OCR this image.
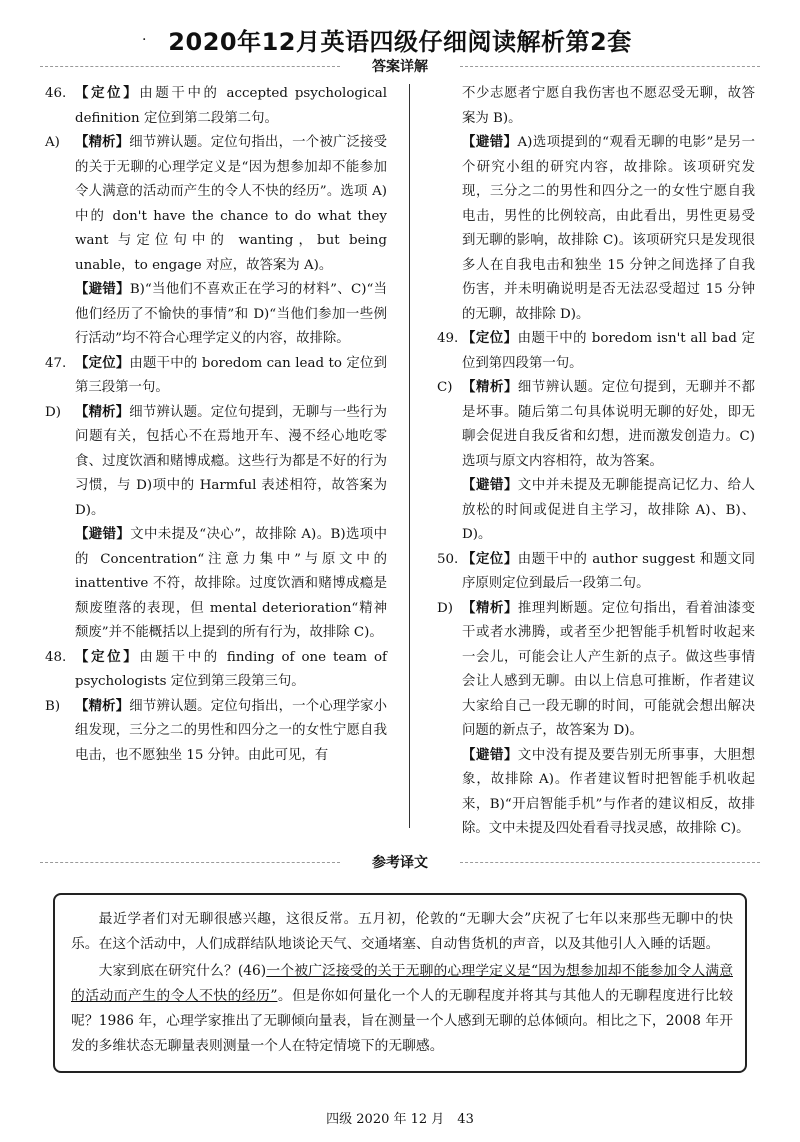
· 2020年12月英语四级仔细阅读解析第2套
答案详解
46. 【定位】由题干中的 accepted psychological definition 定位到第二段第二句。
A) 【精析】细节辨认题。定位句指出，一个被广泛接受的关于无聊的心理学定义是“因为想参加却不能参加令人满意的活动而产生的令人不快的经历”。选项 A)中的 don't have the chance to do what they want 与定位句中的 wanting，but being unable，to engage 对应，故答案为 A)。
【避错】B)“当他们不喜欢正在学习的材料”、C)“当他们经历了不愉快的事情”和 D)“当他们参加一些例行活动”均不符合心理学定义的内容，故排除。
47. 【定位】由题干中的 boredom can lead to 定位到第三段第一句。
D) 【精析】细节辨认题。定位句提到，无聊与一些行为问题有关，包括心不在焉地开车、漫不经心地吃零食、过度饮酒和赌博成瘾。这些行为都是不好的行为习惯，与 D)项中的 Harmful 表述相符，故答案为 D)。
【避错】文中未提及“决心”，故排除 A)。B)选项中的 Concentration“注意力集中”与原文中的 inattentive 不符，故排除。过度饮酒和赌博成瘾是颓废堕落的表现，但 mental deterioration“精神颓废”并不能概括以上提到的所有行为，故排除 C)。
48. 【定位】由题干中的 finding of one team of psychologists 定位到第三段第三句。
B) 【精析】细节辨认题。定位句指出，一个心理学家小组发现，三分之二的男性和四分之一的女性宁愿自我电击，也不愿独坐 15 分钟。由此可见，有
不少志愿者宁愿自我伤害也不愿忍受无聊，故答案为 B)。
【避错】A)选项提到的“观看无聊的电影”是另一个研究小组的研究内容，故排除。该项研究发现，三分之二的男性和四分之一的女性宁愿自我电击，男性的比例较高，由此看出，男性更易受到无聊的影响，故排除 C)。该项研究只是发现很多人在自我电击和独坐 15 分钟之间选择了自我伤害，并未明确说明是否无法忍受超过 15 分钟的无聊，故排除 D)。
49. 【定位】由题干中的 boredom isn't all bad 定位到第四段第一句。
C) 【精析】细节辨认题。定位句提到，无聊并不都是坏事。随后第二句具体说明无聊的好处，即无聊会促进自我反省和幻想，进而激发创造力。C)选项与原文内容相符，故为答案。
【避错】文中并未提及无聊能提高记忆力、给人放松的时间或促进自主学习，故排除 A)、B)、D)。
50. 【定位】由题干中的 author suggest 和题文同序原则定位到最后一段第二句。
D) 【精析】推理判断题。定位句指出，看着油漆变干或者水沸腾，或者至少把智能手机暂时收起来一会儿，可能会让人产生新的点子。做这些事情会让人感到无聊。由以上信息可推断，作者建议大家给自己一段无聊的时间，可能就会想出解决问题的新点子，故答案为 D)。
【避错】文中没有提及要告别无所事事，大胆想象，故排除 A)。作者建议暂时把智能手机收起来，B)“开启智能手机”与作者的建议相反，故排除。文中未提及四处看看寻找灵感，故排除 C)。
参考译文
最近学者们对无聊很感兴趣，这很反常。五月初，伦敦的“无聊大会”庆祝了七年以来那些无聊中的快乐。在这个活动中，人们成群结队地谈论天气、交通堵塞、自动售货机的声音，以及其他引人入睡的话题。
大家到底在研究什么？(46)一个被广泛接受的关于无聊的心理学定义是“因为想参加却不能参加令人满意的活动而产生的令人不快的经历”。但是你如何量化一个人的无聊程度并将其与其他人的无聊程度进行比较呢？1986 年，心理学家推出了无聊倾向量表，旨在测量一个人感到无聊的总体倾向。相比之下，2008 年开发的多维状态无聊量表则测量一个人在特定情境下的无聊感。
四级 2020 年 12 月　43
